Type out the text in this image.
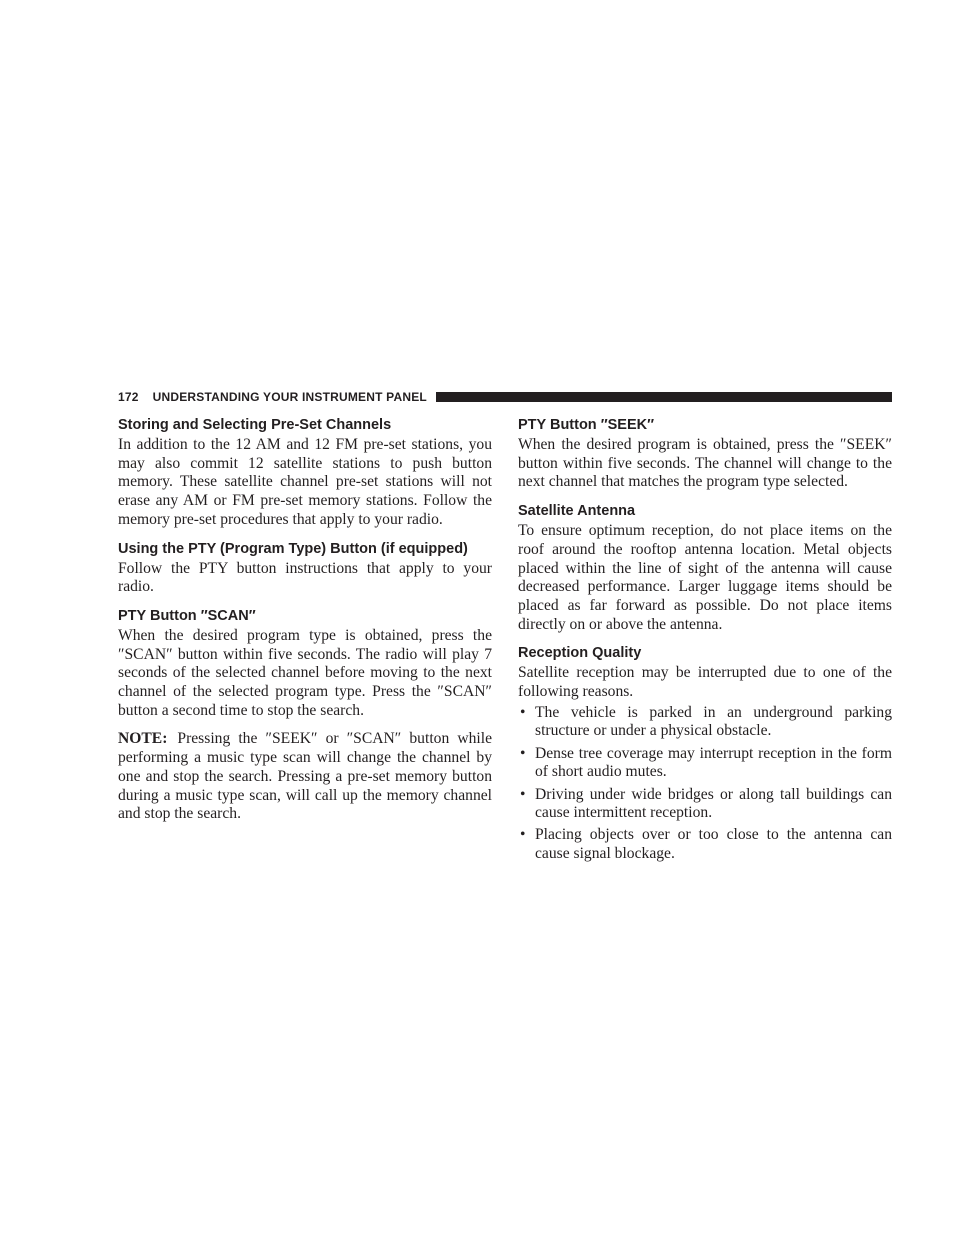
172 UNDERSTANDING YOUR INSTRUMENT PANEL
Storing and Selecting Pre-Set Channels

In addition to the 12 AM and 12 FM pre-set stations, you may also commit 12 satellite stations to push button memory. These satellite channel pre-set stations will not erase any AM or FM pre-set memory stations. Follow the memory pre-set procedures that apply to your radio.

Using the PTY (Program Type) Button (if equipped)

Follow the PTY button instructions that apply to your radio.

PTY Button ″SCAN″

When the desired program type is obtained, press the ″SCAN″ button within five seconds. The radio will play 7 seconds of the selected channel before moving to the next channel of the selected program type. Press the ″SCAN″ button a second time to stop the search.

NOTE: Pressing the ″SEEK″ or ″SCAN″ button while performing a music type scan will change the channel by one and stop the search. Pressing a pre-set memory button during a music type scan, will call up the memory channel and stop the search.

PTY Button ″SEEK″

When the desired program is obtained, press the ″SEEK″ button within five seconds. The channel will change to the next channel that matches the program type selected.

Satellite Antenna

To ensure optimum reception, do not place items on the roof around the rooftop antenna location. Metal objects placed within the line of sight of the antenna will cause decreased performance. Larger luggage items should be placed as far forward as possible. Do not place items directly on or above the antenna.

Reception Quality

Satellite reception may be interrupted due to one of the following reasons.

• The vehicle is parked in an underground parking structure or under a physical obstacle.
• Dense tree coverage may interrupt reception in the form of short audio mutes.
• Driving under wide bridges or along tall buildings can cause intermittent reception.
• Placing objects over or too close to the antenna can cause signal blockage.
